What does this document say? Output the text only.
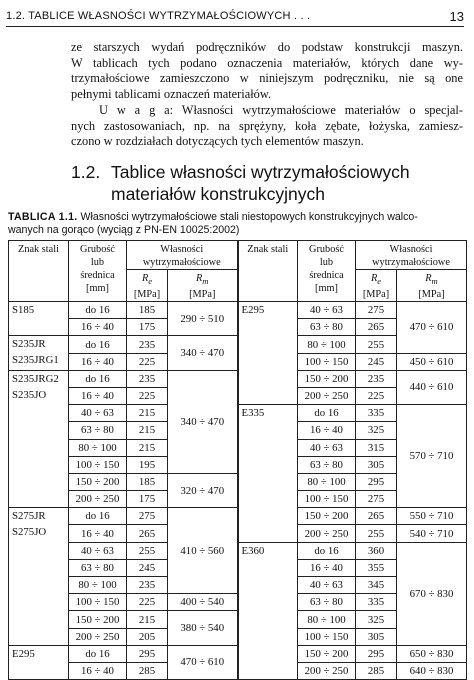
1.2. TABLICE WŁASNOŚCI WYTRZYMAŁOŚCIOWYCH . . .	13
ze starszych wydań podręczników do podstaw konstrukcji maszyn.
W tablicach tych podano oznaczenia materiałów, których dane wy-
trzymałościowe zamieszczono w niniejszym podręczniku, nie są one
pełnymi tablicami oznaczeń materiałów.
U w a g a: Własności wytrzymałościowe materiałów o specjal-
nych zastosowaniach, np. na sprężyny, koła zębate, łożyska, zamiesz-
czono w rozdziałach dotyczących tych elementów maszyn.
1.2. Tablice własności wytrzymałościowych
materiałów konstrukcyjnych
TABLICA 1.1. Własności wytrzymałościowe stali niestopowych konstrukcyjnych walco-
wanych na gorąco (wyciąg z PN-EN 10025:2002)
Znak stali	Grubość
lub
średnica
[mm]	Własności
wytrzymałościowe		Znak stali	Grubość
lub
średnica
[mm]	Własności
wytrzymałościowe	
		$R_e$
[MPa]	$R_m$
[MPa]			$R_e$
[MPa]	$R_m$
[MPa]

S185	do 16	185	290 ÷ 510	E295	40 ÷ 63	275	470 ÷ 610
	16 ÷ 40	175			63 ÷ 80	265	

S235JR
S235JRG1	do 16	235	340 ÷ 470		80 ÷ 100	255	
	16 ÷ 40	225			100 ÷ 150	245	450 ÷ 610

S235JRG2
S235JO	do 16	235	340 ÷ 470		150 ÷ 200	235	440 ÷ 610
	16 ÷ 40	225			200 ÷ 250	225	
	40 ÷ 63	215		E335	do 16	335	570 ÷ 710
	63 ÷ 80	215			16 ÷ 40	325	
	80 ÷ 100	215			40 ÷ 63	315	
	100 ÷ 150	195			63 ÷ 80	305	
	150 ÷ 200	185	320 ÷ 470		80 ÷ 100	295	
	200 ÷ 250	175			100 ÷ 150	275	

S275JR
S275JO	do 16	275	410 ÷ 560		150 ÷ 200	265	550 ÷ 710
	16 ÷ 40	265			200 ÷ 250	255	540 ÷ 710
	40 ÷ 63	255		E360	do 16	360	670 ÷ 830
	63 ÷ 80	245			16 ÷ 40	355	
	80 ÷ 100	235			40 ÷ 63	345	
	100 ÷ 150	225	400 ÷ 540		63 ÷ 80	335	
	150 ÷ 200	215	380 ÷ 540		80 ÷ 100	325	
	200 ÷ 250	205			100 ÷ 150	305	

E295	do 16	295	470 ÷ 610		150 ÷ 200	295	650 ÷ 830
	16 ÷ 40	285			200 ÷ 250	285	640 ÷ 830
